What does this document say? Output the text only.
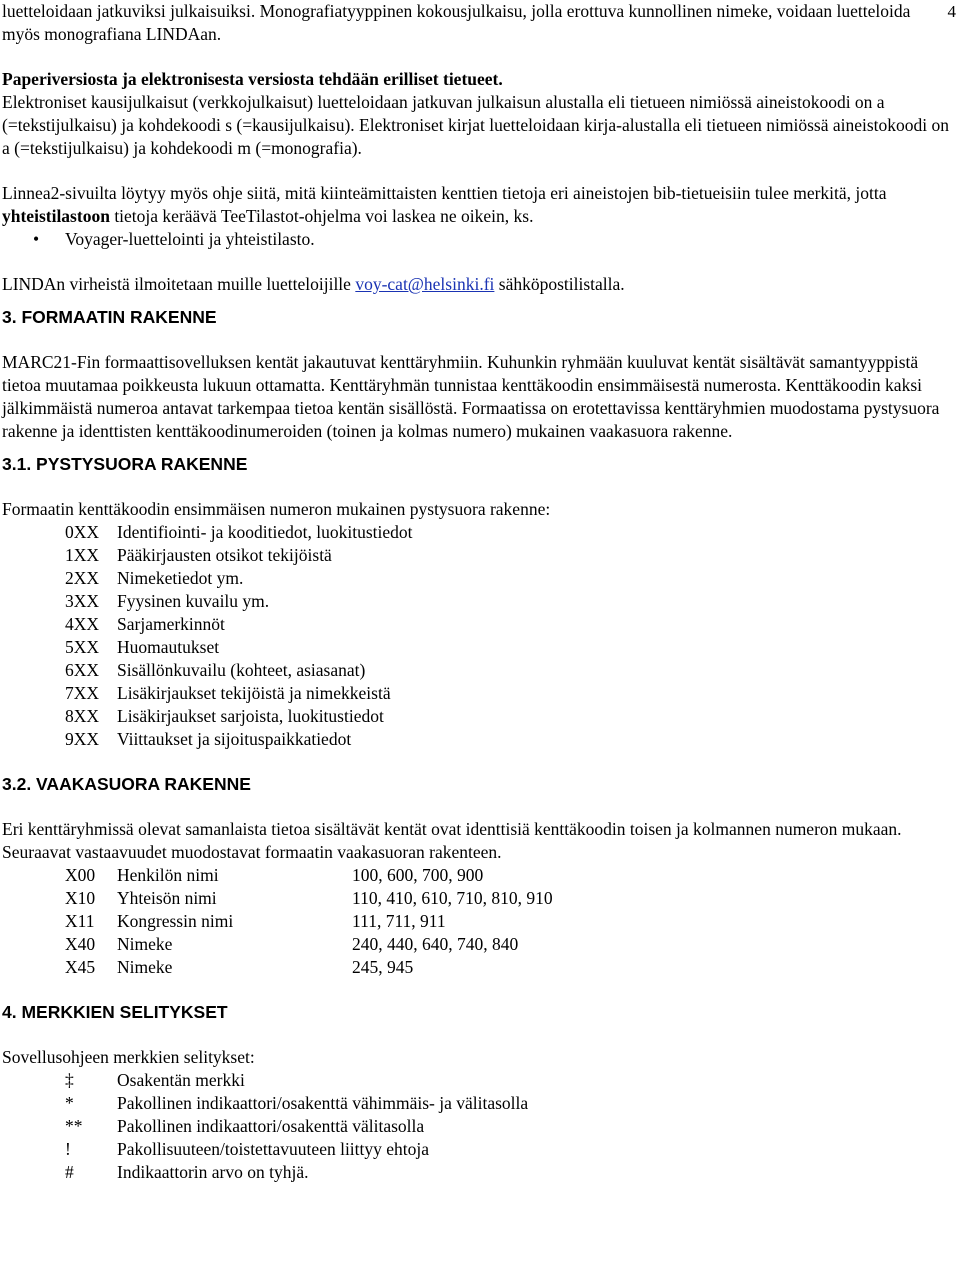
4

luetteloidaan jatkuviksi julkaisuiksi. Monografiatyyppinen kokousjulkaisu, jolla erottuva kunnollinen nimeke, voidaan luetteloida myös monografiana LINDAan.

Paperiversiosta ja elektronisesta versiosta tehdään erilliset tietueet.
Elektroniset kausijulkaisut (verkkojulkaisut) luetteloidaan jatkuvan julkaisun alustalla eli tietueen nimiössä aineistokoodi on a (=tekstijulkaisu) ja kohdekoodi s (=kausijulkaisu). Elektroniset kirjat luetteloidaan kirja-alustalla eli tietueen nimiössä aineistokoodi on a (=tekstijulkaisu) ja kohdekoodi m (=monografia).

Linnea2-sivuilta löytyy myös ohje siitä, mitä kiinteämittaisten kenttien tietoja eri aineistojen bib-tietueisiin tulee merkitä, jotta yhteistilastoon tietoja keräävä TeeTilastot-ohjelma voi laskea ne oikein, ks.

• Voyager-luettelointi ja yhteistilasto.

LINDAn virheistä ilmoitetaan muille luetteloijille voy-cat@helsinki.fi sähköpostilistalla.

3. FORMAATIN RAKENNE

MARC21-Fin formaattisovelluksen kentät jakautuvat kenttäryhmiin. Kuhunkin ryhmään kuuluvat kentät sisältävät samantyyppistä tietoa muutamaa poikkeusta lukuun ottamatta. Kenttäryhmän tunnistaa kenttäkoodin ensimmäisestä numerosta. Kenttäkoodin kaksi jälkimmäistä numeroa antavat tarkempaa tietoa kentän sisällöstä. Formaatissa on erotettavissa kenttäryhmien muodostama pystysuora rakenne ja identtisten kenttäkoodinumeroiden (toinen ja kolmas numero) mukainen vaakasuora rakenne.

3.1. PYSTYSUORA RAKENNE

Formaatin kenttäkoodin ensimmäisen numeron mukainen pystysuora rakenne:

0XX	Identifiointi- ja kooditiedot, luokitustiedot
1XX	Pääkirjausten otsikot tekijöistä
2XX	Nimeketiedot ym.
3XX	Fyysinen kuvailu ym.
4XX	Sarjamerkinnöt
5XX	Huomautukset
6XX	Sisällönkuvailu (kohteet, asiasanat)
7XX	Lisäkirjaukset tekijöistä ja nimekkeistä
8XX	Lisäkirjaukset sarjoista, luokitustiedot
9XX	Viittaukset ja sijoituspaikkatiedot
3.2. VAAKASUORA RAKENNE

Eri kenttäryhmissä olevat samanlaista tietoa sisältävät kentät ovat identtisiä kenttäkoodin toisen ja kolmannen numeron mukaan. Seuraavat vastaavuudet muodostavat formaatin vaakasuoran rakenteen.

X00	Henkilön nimi	100, 600, 700, 900
X10	Yhteisön nimi	110, 410, 610, 710, 810, 910
X11	Kongressin nimi	111, 711, 911
X40	Nimeke	240, 440, 640, 740, 840
X45	Nimeke	245, 945
4. MERKKIEN SELITYKSET

Sovellusohjeen merkkien selitykset:

‡	Osakentän merkki
*	Pakollinen indikaattori/osakenttä vähimmäis- ja välitasolla
**	Pakollinen indikaattori/osakenttä välitasolla
!	Pakollisuuteen/toistettavuuteen liittyy ehtoja
#	Indikaattorin arvo on tyhjä.
